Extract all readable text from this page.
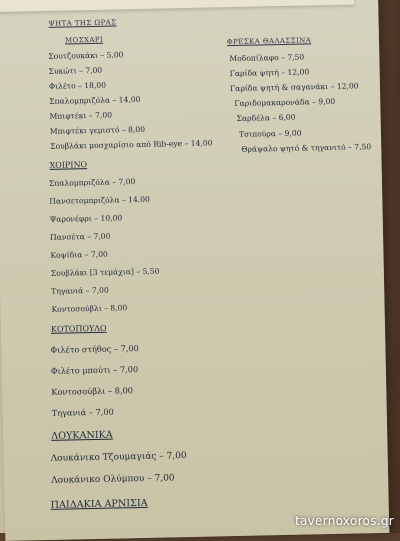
ΨΗΤΑ ΤΗΣ ΩΡΑΣ
ΜΟΣΧΑΡΙ
Σουτζουκάκι – 5,00
Συκώτι – 7,00
Φιλέτο – 18,00
Σπαλομπριζόλα – 14,00
Μπιφτέκι – 7,00
Μπιφτέκι γεμιστό – 8,00
Σουβλάκι μοσχαρίσιο από Rib-eye – 14,00
ΦΡΕΣΚΑ ΘΑΛΑΣΣΙΝΑ
Μοδοπίλαφο – 7,50
Γαρίδα ψητή – 12,00
Γαρίδα ψητή & σαγανάκι – 12,00
Γαριδομακαρονάδα – 9,00
Σαρδέλα – 6,00
Τσιπούρα – 9,00
Θράψαλο ψητό & τηγανιτό – 7,50
ΧΟΙΡΙΝΟ
Σπαλομπριζόλα – 7,00
Πανσετομπριζόλα – 14,00
Ψαρονέφρι – 10,00
Πανσέτα – 7,00
Κοψίδια – 7,00
Σουβλάκι [3 τεμάχια] – 5,50
Τηγανιά – 7,00
Κοντοσούβλι – 8,00
ΚΟΤΟΠΟΥΛΟ
Φιλέτο στήθος – 7,00
Φιλέτο μπούτι – 7,00
Κοντοσούβλι – 8,00
Τηγανιά – 7,00
ΛΟΥΚΑΝΙΚΑ
Λουκάνικο Τζουμαγιάς – 7,00
Λουκάνικο Ολύμπου – 7,00
ΠΑΙΔΑΚΙΑ ΑΡΝΙΣΙΑ
tavernoxoros.gr
